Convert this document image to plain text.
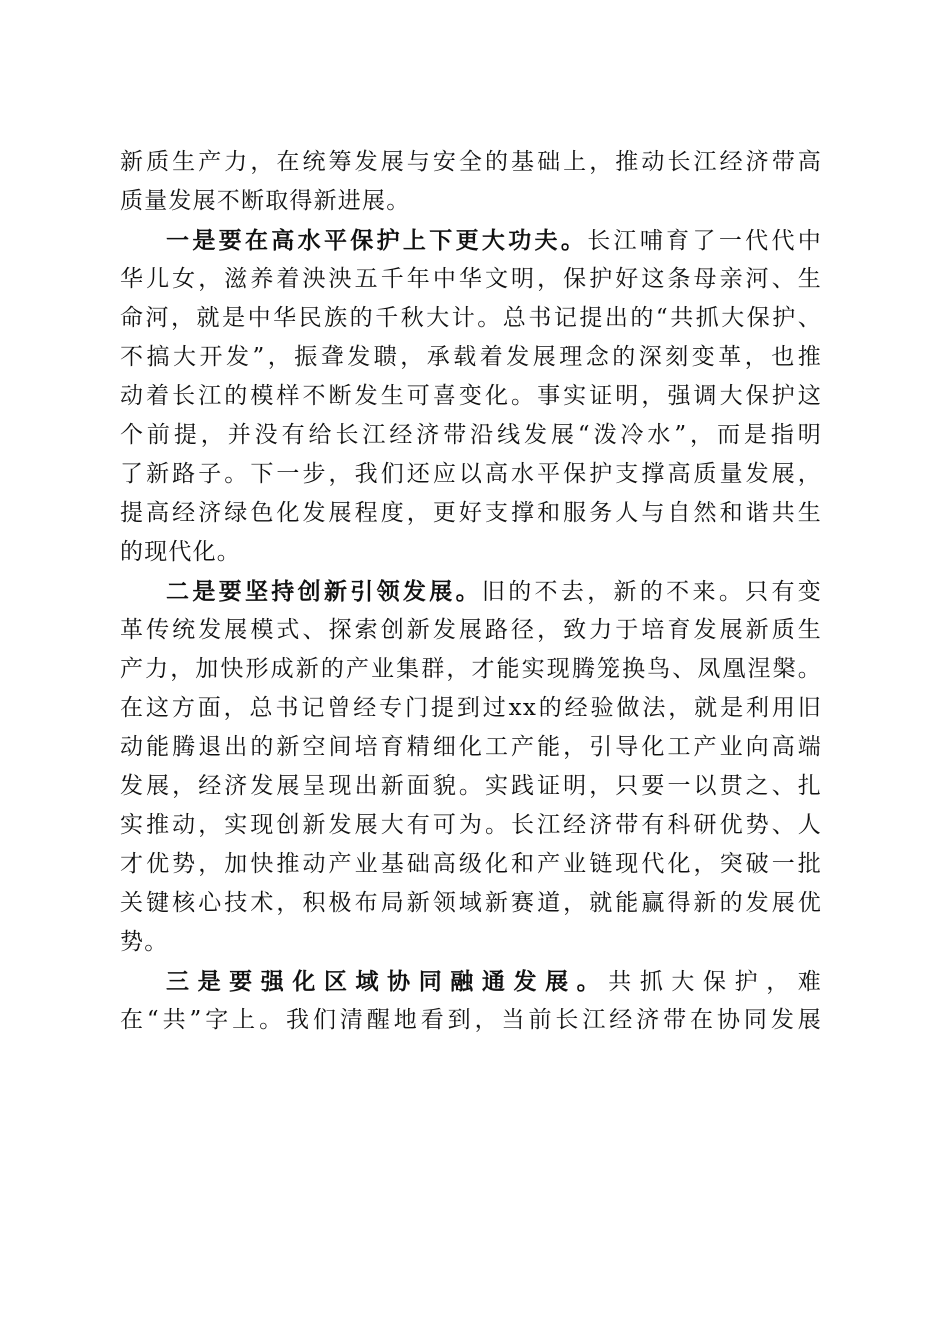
新质生产力，在统筹发展与安全的基础上，推动长江经济带高
质量发展不断取得新进展。
一是要在高水平保护上下更大功夫。长江哺育了一代代中
华儿女，滋养着泱泱五千年中华文明，保护好这条母亲河、生
命河，就是中华民族的千秋大计。总书记提出的“共抓大保护、
不搞大开发”，振聋发聩，承载着发展理念的深刻变革，也推
动着长江的模样不断发生可喜变化。事实证明，强调大保护这
个前提，并没有给长江经济带沿线发展“泼冷水”，而是指明
了新路子。下一步，我们还应以高水平保护支撑高质量发展，
提高经济绿色化发展程度，更好支撑和服务人与自然和谐共生
的现代化。
二是要坚持创新引领发展。旧的不去，新的不来。只有变
革传统发展模式、探索创新发展路径，致力于培育发展新质生
产力，加快形成新的产业集群，才能实现腾笼换鸟、凤凰涅槃。
在这方面，总书记曾经专门提到过xx的经验做法，就是利用旧
动能腾退出的新空间培育精细化工产能，引导化工产业向高端
发展，经济发展呈现出新面貌。实践证明，只要一以贯之、扎
实推动，实现创新发展大有可为。长江经济带有科研优势、人
才优势，加快推动产业基础高级化和产业链现代化，突破一批
关键核心技术，积极布局新领域新赛道，就能赢得新的发展优
势。
三是要强化区域协同融通发展。共抓大保护，难
在“共”字上。我们清醒地看到，当前长江经济带在协同发展
